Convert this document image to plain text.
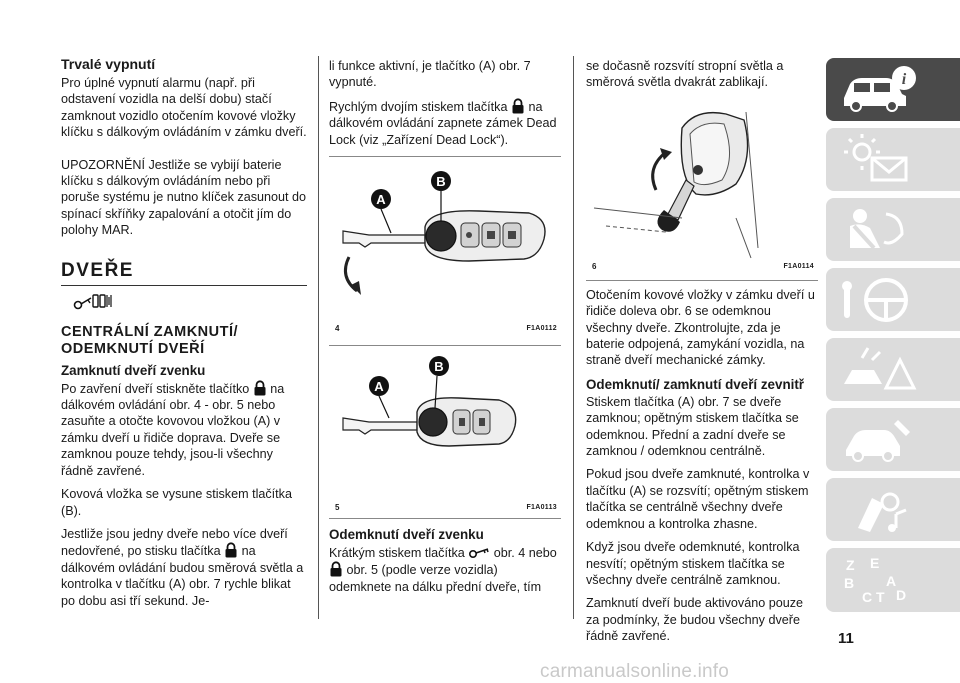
Trvalé vypnutí

Pro úplné vypnutí alarmu (např. při odstavení vozidla na delší dobu) stačí zamknout vozidlo otočením kovové vložky klíčku s dálkovým ovládáním v zámku dveří.

UPOZORNĚNÍ Jestliže se vybijí baterie klíčku s dálkovým ovládáním nebo při poruše systému je nutno klíček zasunout do spínací skříňky zapalování a otočit jím do polohy MAR.

DVEŘE
CENTRÁLNÍ ZAMKNUTÍ/ ODEMKNUTÍ DVEŘÍ
Zamknutí dveří zvenku

Po zavření dveří stiskněte tlačítko na dálkovém ovládání obr. 4 - obr. 5 nebo zasuňte a otočte kovovou vložkou (A) v zámku dveří u řidiče doprava. Dveře se zamknou pouze tehdy, jsou-li všechny řádně zavřené.

Kovová vložka se vysune stiskem tlačítka (B).

Jestliže jsou jedny dveře nebo více dveří nedovřené, po stisku tlačítka na dálkovém ovládání budou směrová světla a kontrolka v tlačítku (A) obr. 7 rychle blikat po dobu asi tří sekund. Je-

li funkce aktivní, je tlačítko (A) obr. 7 vypnuté.

Rychlým dvojím stiskem tlačítka na dálkovém ovládání zapnete zámek Dead Lock (viz „Zařízení Dead Lock“).

A
B
4	F1A0112
A
B
5	F1A0113
Odemknutí dveří zvenku

Krátkým stiskem tlačítka obr. 4 nebo
obr. 5 (podle verze vozidla) odemknete na dálku přední dveře, tím

se dočasně rozsvítí stropní světla a směrová světla dvakrát zablikají.

6	F1A0114

Otočením kovové vložky v zámku dveří u řidiče doleva obr. 6 se odemknou všechny dveře. Zkontrolujte, zda je baterie odpojená, zamykání vozidla, na straně dveří mechanické zámky.

Odemknutí/ zamknutí dveří zevnitř

Stiskem tlačítka (A) obr. 7 se dveře zamknou; opětným stiskem tlačítka se odemknou. Přední a zadní dveře se zamknou / odemknou centrálně.

Pokud jsou dveře zamknuté, kontrolka v tlačítku (A) se rozsvítí; opětným stiskem tlačítka se centrálně všechny dveře odemknou a kontrolka zhasne.

Když jsou dveře odemknuté, kontrolka nesvítí; opětným stiskem tlačítka se všechny dveře centrálně zamknou.

Zamknutí dveří bude aktivováno pouze za podmínky, že budou všechny dveře řádně zavřené.

i
Z E
B A
C T D
11
carmanualsonline.info
